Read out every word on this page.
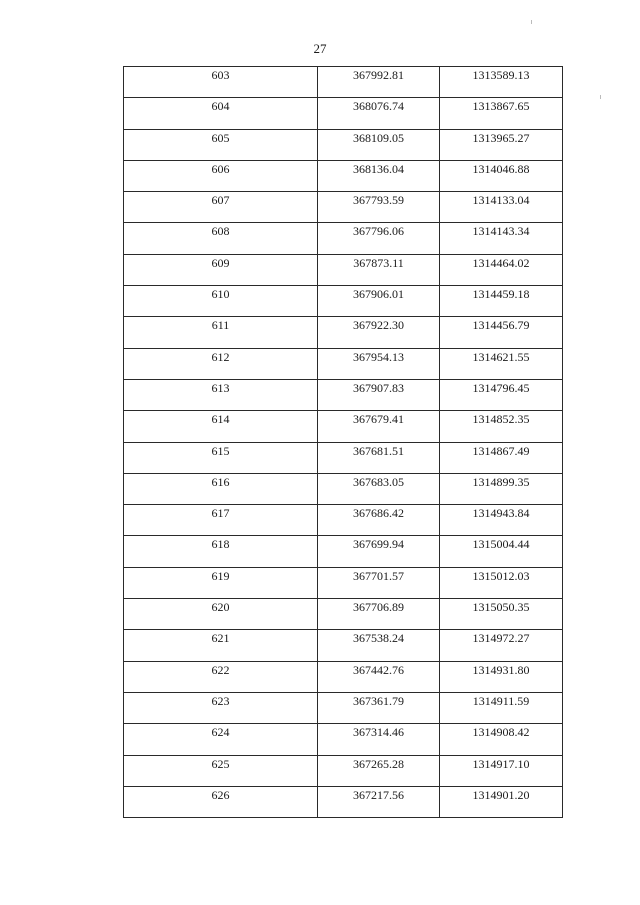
27
603	367992.81	1313589.13

604	368076.74	1313867.65

605	368109.05	1313965.27

606	368136.04	1314046.88

607	367793.59	1314133.04

608	367796.06	1314143.34

609	367873.11	1314464.02

610	367906.01	1314459.18

611	367922.30	1314456.79

612	367954.13	1314621.55

613	367907.83	1314796.45

614	367679.41	1314852.35

615	367681.51	1314867.49

616	367683.05	1314899.35

617	367686.42	1314943.84

618	367699.94	1315004.44

619	367701.57	1315012.03

620	367706.89	1315050.35

621	367538.24	1314972.27

622	367442.76	1314931.80

623	367361.79	1314911.59

624	367314.46	1314908.42

625	367265.28	1314917.10

626	367217.56	1314901.20
